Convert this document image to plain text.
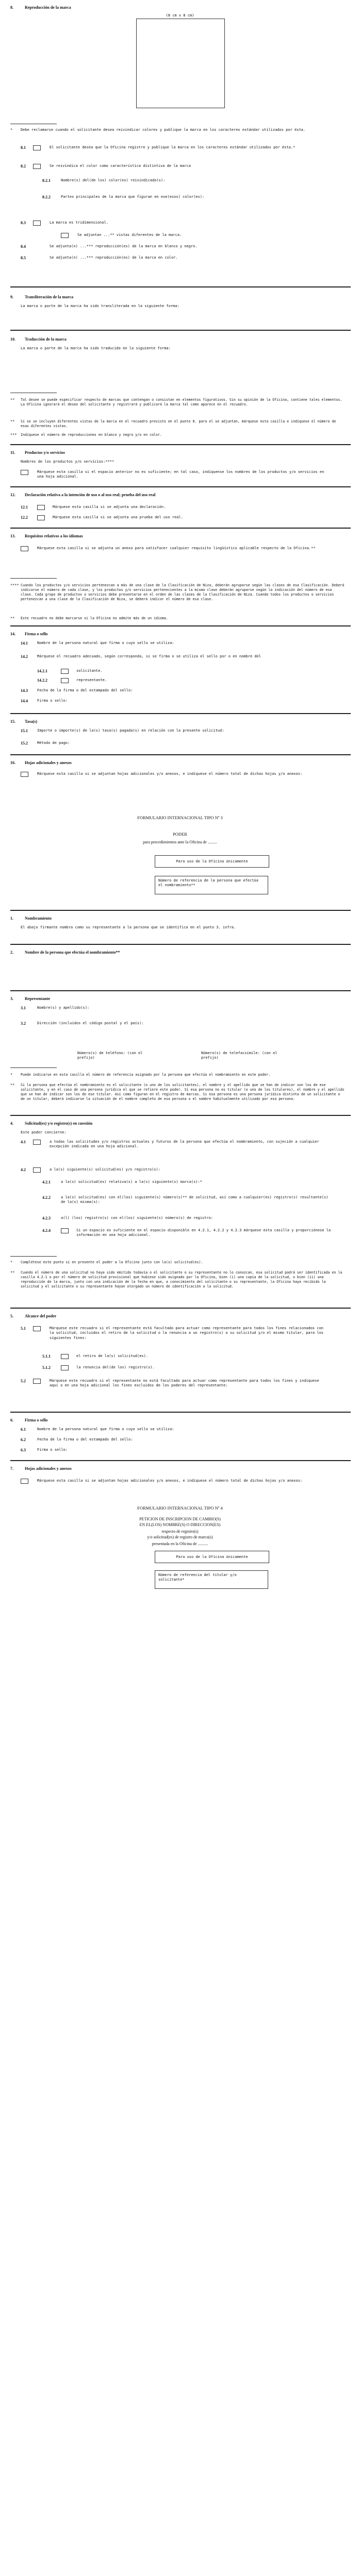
8.	Reproducción de la marca
(8 cm x 8 cm)
* Debe reclamarse cuando el solicitante desea reivindicar colores y publique la marca en los caracteres estándar utilizados por ésta.
8.1	El solicitante desea que la Oficina registre y publique la marca en los caracteres estándar utilizados por ésta.*
8.2	Se reivindica el color como característica distintiva de la marca
8.2.1	Nombre(s) del(de los) color(es) reivindicado(s):
8.2.2	Partes principales de la marca que figuran en ese(esos) color(es):
8.3	La marca es tridimensional.
Se adjuntan ...** vistas diferentes de la marca.
8.4	Se adjunta(n) ...*** reproducción(es) de la marca en blanco y negro.
8.5	Se adjunta(n) ...*** reproducción(es) de la marca en color.
9.	Transliteración de la marca
La marca o parte de la marca ha sido transliterada en la siguiente forma:
10. Traducción de la marca
La marca o parte de la marca ha sido traducida en la siguiente forma:
** Tal desee se puede especificar respecto de marcas que contengan o consistan en elementos figurativos. Sin su opinión de la Oficina, contiene tales elementos. La Oficina ignorará el deseo del solicitante y registrará y publicará la marca tal como aparece en el recuadro.
** Si se se incluyen diferentes vistas de la marca en el recuadro previsto en el punto 8. para el se adjuntan, márquese esta casilla e indíquese el número de esas diferentes vistas.
*** Indíquese el número de reproducciones en blanco y negro y/o en color.
11. Productos y/o servicios
Nombres de los productos y/o servicios:****
Márquese esta casilla si el espacio anterior no es suficiente; en tal caso, indíquense los nombres de los productos y/o servicios en una hoja adicional.
12. Declaración relativa a la intención de uso o al uso real; prueba del uso real
12.1	Márquese esta casilla si se adjunta una declaración.
12.2	Márquese esta casilla si se adjunta una prueba del uso real.
13. Requisitos relativos a los idiomas
Márquese esta casilla si se adjunta un anexo para satisfacer cualquier requisito lingüístico aplicable respecto de la Oficina.**
**** Cuando los productos y/o servicios pertenezcan a más de una clase de la Clasificación de Niza, deberán agruparse según las clases de esa Clasificación. Deberá indicarse el número de cada clase, y los productos y/o servicios pertenecientes a la misma clase deberán agruparse según la indicación del número de esa clase. Cada grupo de productos o servicios debe presentarse en el orden de las clases de la Clasificación de Niza. Cuando todos los productos o servicios pertenezcan a una clase de la Clasificación de Niza, se deberá indicar el número de esa clase.
** Este recuadro no debe marcarse si la Oficina no admite más de un idioma.
14. Firma o sello
14.1	Nombre de la persona natural que firma o cuyo sello se utiliza:
14.2	Márquese el recuadro adecuado, según corresponda, si se firma o se utiliza el sello por o en nombre del
14.2.1	solicitante.
14.2.2	representante.
14.3	Fecha de la firma o del estampado del sello:
14.4	Firma o sello:
15. Tasa(s)
15.1	Importe o importe(s) de la(s) tasa(s) pagada(s) en relación con la presente solicitud:
15.2	Método de pago:
16. Hojas adicionales y anexos
Márquese esta casilla si se adjuntan hojas adicionales y/o anexos, e indíquese el número total de dichas hojas y/o anexos:
FORMULARIO INTERNACIONAL TIPO Nº 3
PODER
para procedimientos ante la Oficina de .........
Para uso de la Oficina únicamente
Número de referencia de la persona que efectúa el nombramiento**
1.	Nombramiento
El abajo firmante nombra como su representante a la persona que se identifica en el punto 3. infra.
2.	Nombre de la persona que efectúa el nombramiento**
3.	Representante
3.1	Nombre(s) y apellido(s):
3.2	Dirección (incluidos el código postal y el país):
Número(s) de teléfono: (con el prefijo)
Número(s) de telefacsímile: (con el prefijo)
* Puede indicarse en esta casilla el número de referencia asignado por la persona que efectúa el nombramiento en este poder.
** Si la persona que efectúa el nombramiento es el solicitante (o uno de los solicitantes), el nombre y el apellido que se han de indicar son los de ese solicitante, y en el caso de una persona jurídica el que se refiere este poder. Si esa persona no es titular (o uno de los titulares), el nombre y el apellido que se han de indicar son los de ese titular. Así como figuran en el registro de marcas. Si esa persona es una persona jurídica distinta de un solicitante o de un titular, deberá indicarse la situación de el nombre completo de esa persona o el nombre habitualmente utilizado por esa persona.
4.	Solicitud(es) y/o registro(s) en cuestión
Este poder concierne:
4.1	a todas las solicitudes y/o registros actuales y futuros de la persona que efectúa el nombramiento, con sujeción a cualquier excepción indicada en una hoja adicional.
4.2	a la(s) siguiente(s) solicitud(es) y/o registro(s):
4.2.1	a la(s) solicitud(es) relativa(s) a la(s) siguiente(s) marca(s):*
4.2.2	a la(s) solicitud(es) con el(los) siguiente(s) número(s)** de solicitud, así como a cualquier(es) registro(s) resultante(s) de la(s) misma(s):
4.2.3	a(l) (los) registro(s) con el(los) siguiente(s) número(s) de registro:
4.2.4	Si un espacio es suficiente en el espacio disponible en 4.2.1, 4.2.2 y 4.2.3 márquese esta casilla y proporciónese la información en una hoja adicional.
* Complétese este punto si en presente el poder a la Oficina junto con la(s) solicitud(es).
** Cuando el número de una solicitud no haya sido emitido todavía o el solicitante o su representante no lo conozcan, esa solicitud podrá ser identificada en la casilla 4.2.1 o por el número de solicitud provisional que hubiese sido asignado por la Oficina, bien (i) una copia de la solicitud, o bien (ii) una reproducción de la marca, junto con una indicación de la fecha en que, a conocimiento del solicitante o su representante, la Oficina haya recibido la solicitud y el solicitante o su representante hayan otorgado un número de identificación a la solicitud.
5.	Alcance del poder
5.1	Márquese este recuadro si el representante está facultado para actuar como representante para todos los fines relacionados con la solicitud, incluidos el retiro de la solicitud o la renuncia a un registro(s) o su solicitud y/o el mismo titular, para los siguientes fines:
5.1.1	el retiro de la(s) solicitud(es).
5.1.2	la renuncia del(de los) registro(s).
5.2	Márquese este recuadro si el representante no está facultado para actuar como representante para todos los fines y indíquese aquí o en una hoja adicional los fines excluidos de los poderes del representante:
6.	Firma o sello
6.1	Nombre de la persona natural que firma o cuyo sello se utiliza:
6.2	Fecha de la firma o del estampado del sello:
6.3	Firma o sello:
7.	Hojas adicionales y anexos
Márquese esta casilla si se adjuntan hojas adicionales y/o anexos, e indíquese el número total de dichas hojas y/o anexos:
FORMULARIO INTERNACIONAL TIPO Nº 4
PETICION DE INSCRIPCION DE CAMBIO(S)
EN EL(LOS) NOMBRE(S) O DIRECCION(ES)
respecto de registro(s)
y/o solicitud(es) de registro de marca(s)
presentada en la Oficina de ..........
Para uso de la Oficina únicamente
Número de referencia del titular y/o solicitante*
